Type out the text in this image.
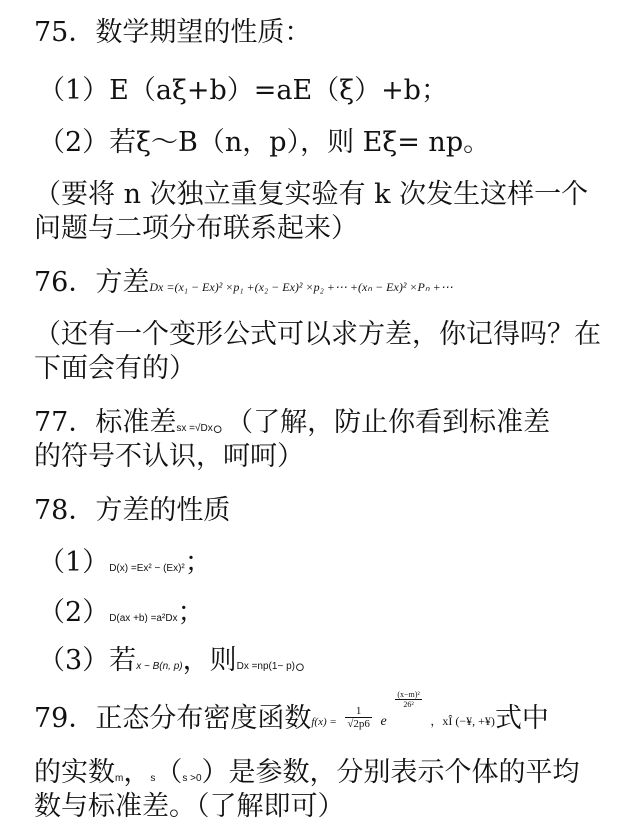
75．数学期望的性质：
（1）E（aξ+b）=aE（ξ）+b；
（2）若ξ～B（n，p），则 Eξ= np。
（要将 n 次独立重复实验有 k 次发生这样一个
问题与二项分布联系起来）
76．方差Dx =(x₁ − Ex)² ×p₁ +(x₂ − Ex)² ×p₂ +⋯ +(xₙ − Ex)² ×Pₙ +⋯
（还有一个变形公式可以求方差，你记得吗？在
下面会有的）
77．标准差sx =√Dx。（了解，防止你看到标准差
的符号不认识，呵呵）
78．方差的性质
（1）D(x) =Ex² − (Ex)²；
（2）D(ax +b) =a²Dx；
（3）若x ~ B(n, p)，则Dx =np(1− p)。
79．正态分布密度函数$f(x) = \frac{1}{√2p6}$ e
$\frac{\text{(x−m)²}}{\text{26²}}$
，xÎ (−¥, +¥)式中
的实数m，s（s >0）是参数，分别表示个体的平均
数与标准差。（了解即可）
